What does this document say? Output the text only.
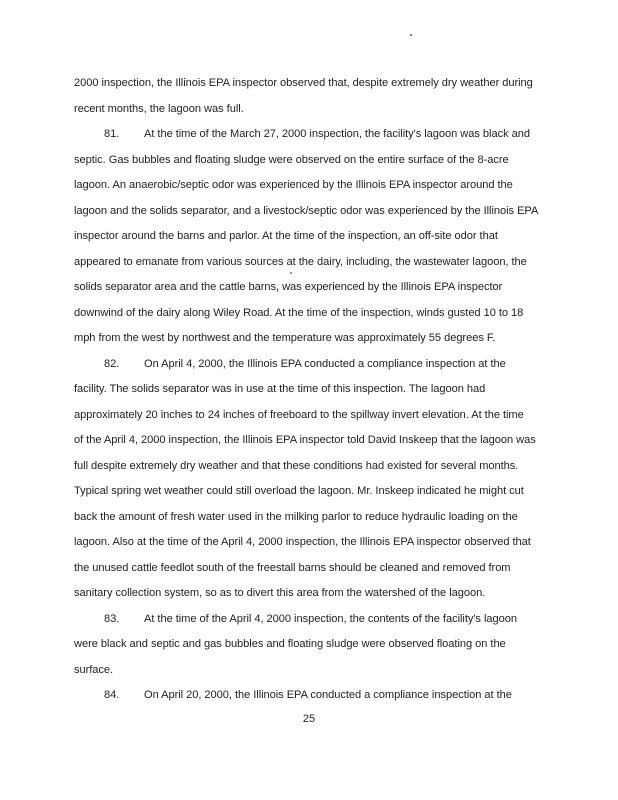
2000 inspection, the Illinois EPA inspector observed that, despite extremely dry weather during
recent months, the lagoon was full.
81. At the time of the March 27, 2000 inspection, the facility's lagoon was black and
septic. Gas bubbles and floating sludge were observed on the entire surface of the 8-acre
lagoon. An anaerobic/septic odor was experienced by the Illinois EPA inspector around the
lagoon and the solids separator, and a livestock/septic odor was experienced by the Illinois EPA
inspector around the barns and parlor. At the time of the inspection, an off-site odor that
appeared to emanate from various sources at the dairy, including, the wastewater lagoon, the
solids separator area and the cattle barns, was experienced by the Illinois EPA inspector
downwind of the dairy along Wiley Road. At the time of the inspection, winds gusted 10 to 18
mph from the west by northwest and the temperature was approximately 55 degrees F.
82. On April 4, 2000, the Illinois EPA conducted a compliance inspection at the
facility. The solids separator was in use at the time of this inspection. The lagoon had
approximately 20 inches to 24 inches of freeboard to the spillway invert elevation. At the time
of the April 4, 2000 inspection, the Illinois EPA inspector told David Inskeep that the lagoon was
full despite extremely dry weather and that these conditions had existed for several months.
Typical spring wet weather could still overload the lagoon. Mr. Inskeep indicated he might cut
back the amount of fresh water used in the milking parlor to reduce hydraulic loading on the
lagoon. Also at the time of the April 4, 2000 inspection, the Illinois EPA inspector observed that
the unused cattle feedlot south of the freestall barns should be cleaned and removed from
sanitary collection system, so as to divert this area from the watershed of the lagoon.
83. At the time of the April 4, 2000 inspection, the contents of the facility's lagoon
were black and septic and gas bubbles and floating sludge were observed floating on the
surface.
84. On April 20, 2000, the Illinois EPA conducted a compliance inspection at the
25
